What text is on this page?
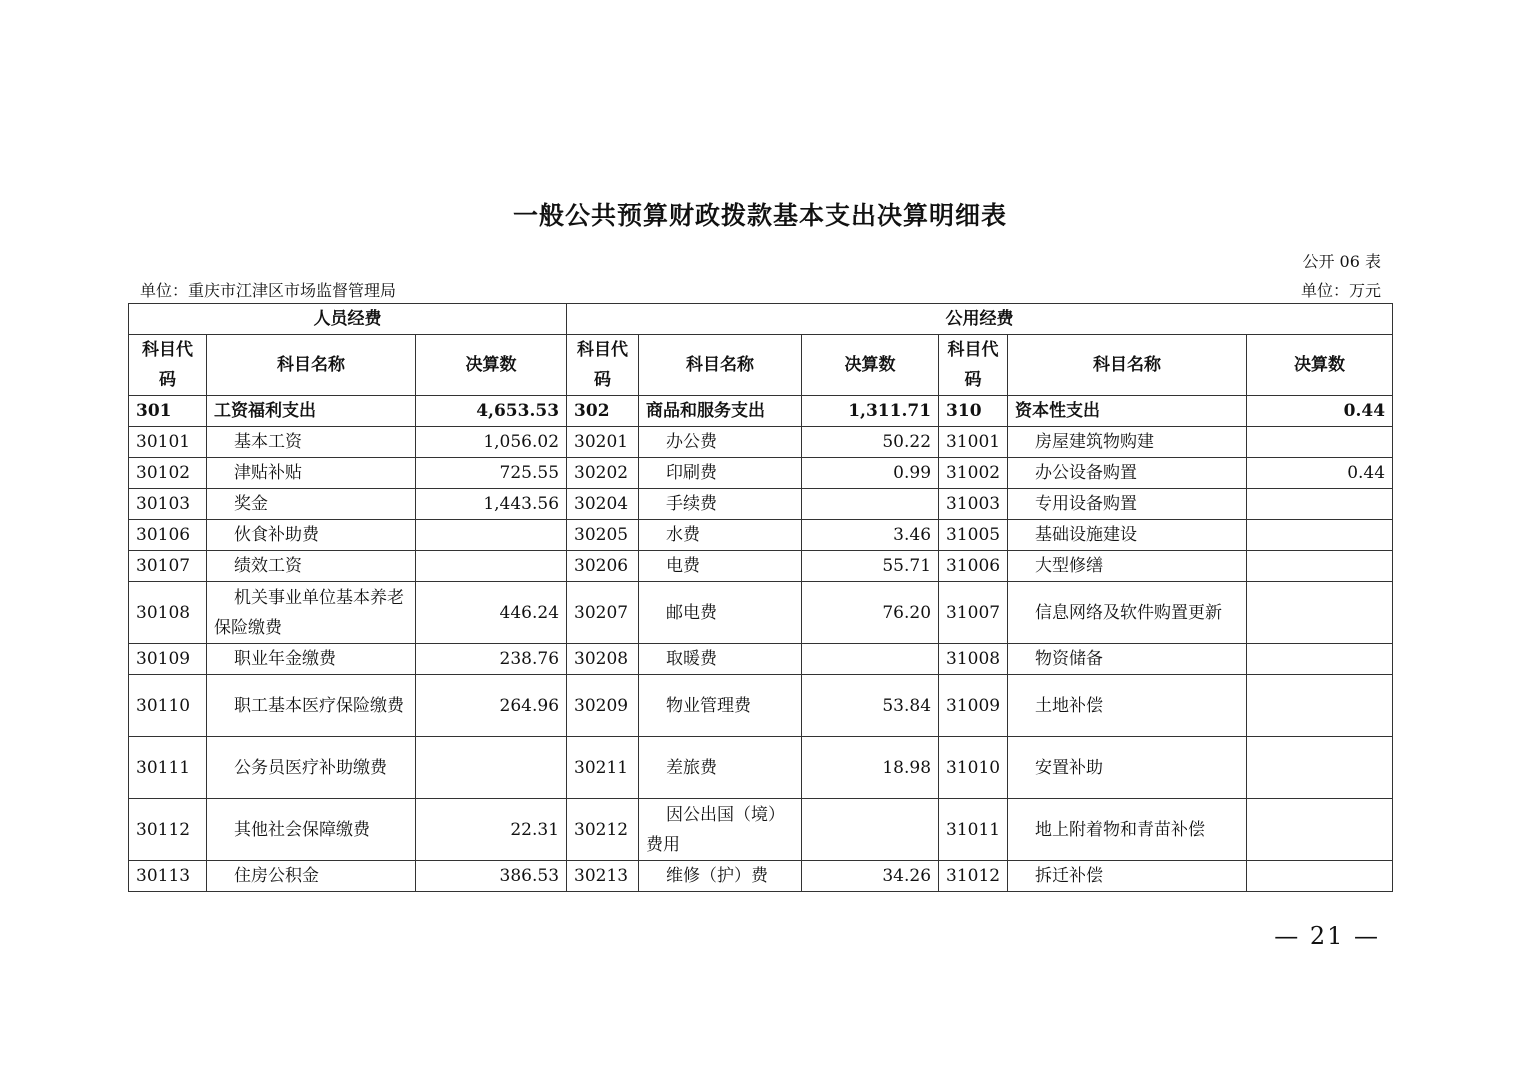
一般公共预算财政拨款基本支出决算明细表
公开 06 表
单位：重庆市江津区市场监督管理局	单位：万元
人员经费			公用经费					
科目代码	科目名称	决算数	科目代码	科目名称	决算数	科目代码	科目名称	决算数
301	工资福利支出	4,653.53	302	商品和服务支出	1,311.71	310	资本性支出	0.44
30101	基本工资	1,056.02	30201	办公费	50.22	31001	房屋建筑物购建	
30102	津贴补贴	725.55	30202	印刷费	0.99	31002	办公设备购置	0.44
30103	奖金	1,443.56	30204	手续费		31003	专用设备购置	
30106	伙食补助费		30205	水费	3.46	31005	基础设施建设	
30107	绩效工资		30206	电费	55.71	31006	大型修缮	
30108	机关事业单位基本养老保险缴费	446.24	30207	邮电费	76.20	31007	信息网络及软件购置更新	
30109	职业年金缴费	238.76	30208	取暖费		31008	物资储备	
30110	职工基本医疗保险缴费	264.96	30209	物业管理费	53.84	31009	土地补偿	
30111	公务员医疗补助缴费		30211	差旅费	18.98	31010	安置补助	
30112	其他社会保障缴费	22.31	30212	因公出国（境）费用		31011	地上附着物和青苗补偿	
30113	住房公积金	386.53	30213	维修（护）费	34.26	31012	拆迁补偿	
— 21 —
